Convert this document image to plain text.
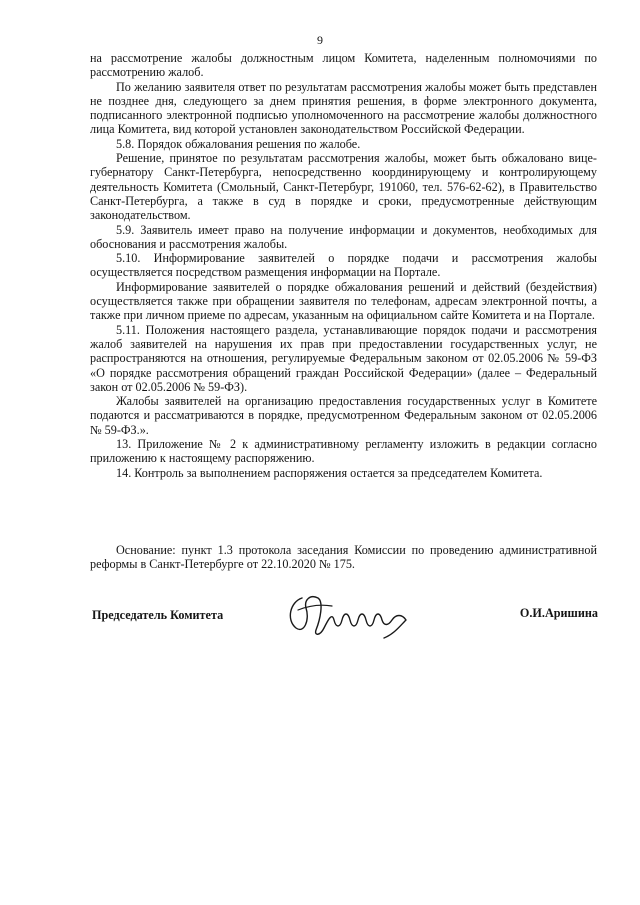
9

на рассмотрение жалобы должностным лицом Комитета, наделенным полномочиями по рассмотрению жалоб.

По желанию заявителя ответ по результатам рассмотрения жалобы может быть представлен не позднее дня, следующего за днем принятия решения, в форме электронного документа, подписанного электронной подписью уполномоченного на рассмотрение жалобы должностного лица Комитета, вид которой установлен законодательством Российской Федерации.

5.8. Порядок обжалования решения по жалобе.

Решение, принятое по результатам рассмотрения жалобы, может быть обжаловано вице-губернатору Санкт-Петербурга, непосредственно координирующему и контролирующему деятельность Комитета (Смольный, Санкт-Петербург, 191060, тел. 576-62-62), в Правительство Санкт-Петербурга, а также в суд в порядке и сроки, предусмотренные действующим законодательством.

5.9. Заявитель имеет право на получение информации и документов, необходимых для обоснования и рассмотрения жалобы.

5.10. Информирование заявителей о порядке подачи и рассмотрения жалобы осуществляется посредством размещения информации на Портале.

Информирование заявителей о порядке обжалования решений и действий (бездействия) осуществляется также при обращении заявителя по телефонам, адресам электронной почты, а также при личном приеме по адресам, указанным на официальном сайте Комитета и на Портале.

5.11. Положения настоящего раздела, устанавливающие порядок подачи и рассмотрения жалоб заявителей на нарушения их прав при предоставлении государственных услуг, не распространяются на отношения, регулируемые Федеральным законом от 02.05.2006 № 59-ФЗ «О порядке рассмотрения обращений граждан Российской Федерации» (далее – Федеральный закон от 02.05.2006 № 59-ФЗ).

Жалобы заявителей на организацию предоставления государственных услуг в Комитете подаются и рассматриваются в порядке, предусмотренном Федеральным законом от 02.05.2006 № 59-ФЗ.».

13. Приложение № 2 к административному регламенту изложить в редакции согласно приложению к настоящему распоряжению.

14. Контроль за выполнением распоряжения остается за председателем Комитета.

Основание: пункт 1.3 протокола заседания Комиссии по проведению административной реформы в Санкт-Петербурге от 22.10.2020 № 175.
Председатель Комитета	О.И.Аришина
